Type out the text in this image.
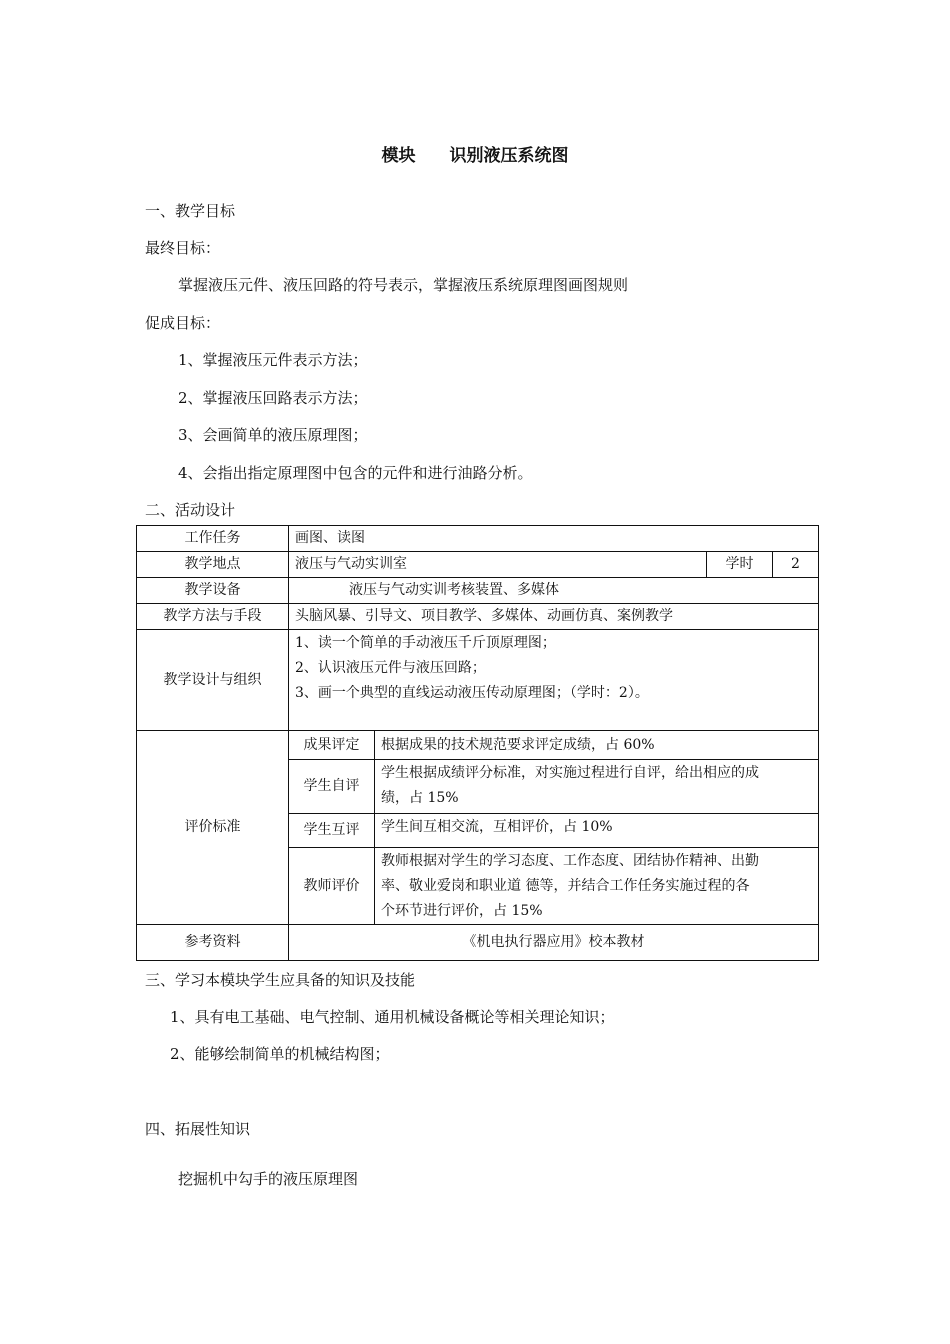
模块 识别液压系统图
一、教学目标
最终目标：
掌握液压元件、液压回路的符号表示，掌握液压系统原理图画图规则
促成目标：
1、掌握液压元件表示方法；
2、掌握液压回路表示方法；
3、会画简单的液压原理图；
4、会指出指定原理图中包含的元件和进行油路分析。
二、活动设计
工作任务	画图、读图			
教学地点	液压与气动实训室		学时	2
教学设备	液压与气动实训考核装置、多媒体			
教学方法与手段	头脑风暴、引导文、项目教学、多媒体、动画仿真、案例教学			
教学设计与组织	1、读一个简单的手动液压千斤顶原理图；
2、认识液压元件与液压回路；
3、画一个典型的直线运动液压传动原理图；（学时：2）。			

评价标准	成果评定	根据成果的技术规范要求评定成绩，占 60%		

	学生自评	学生根据成绩评分标准，对实施过程进行自评，给出相应的成
绩，占 15%		

	学生互评	学生间互相交流，互相评价，占 10%		

	教师评价	教师根据对学生的学习态度、工作态度、团结协作精神、出勤
率、敬业爱岗和职业道 德等，并结合工作任务实施过程的各
个环节进行评价，占 15%		

参考资料	《机电执行器应用》校本教材			
三、学习本模块学生应具备的知识及技能
1、具有电工基础、电气控制、通用机械设备概论等相关理论知识；
2、能够绘制简单的机械结构图；
四、拓展性知识
挖掘机中勾手的液压原理图
